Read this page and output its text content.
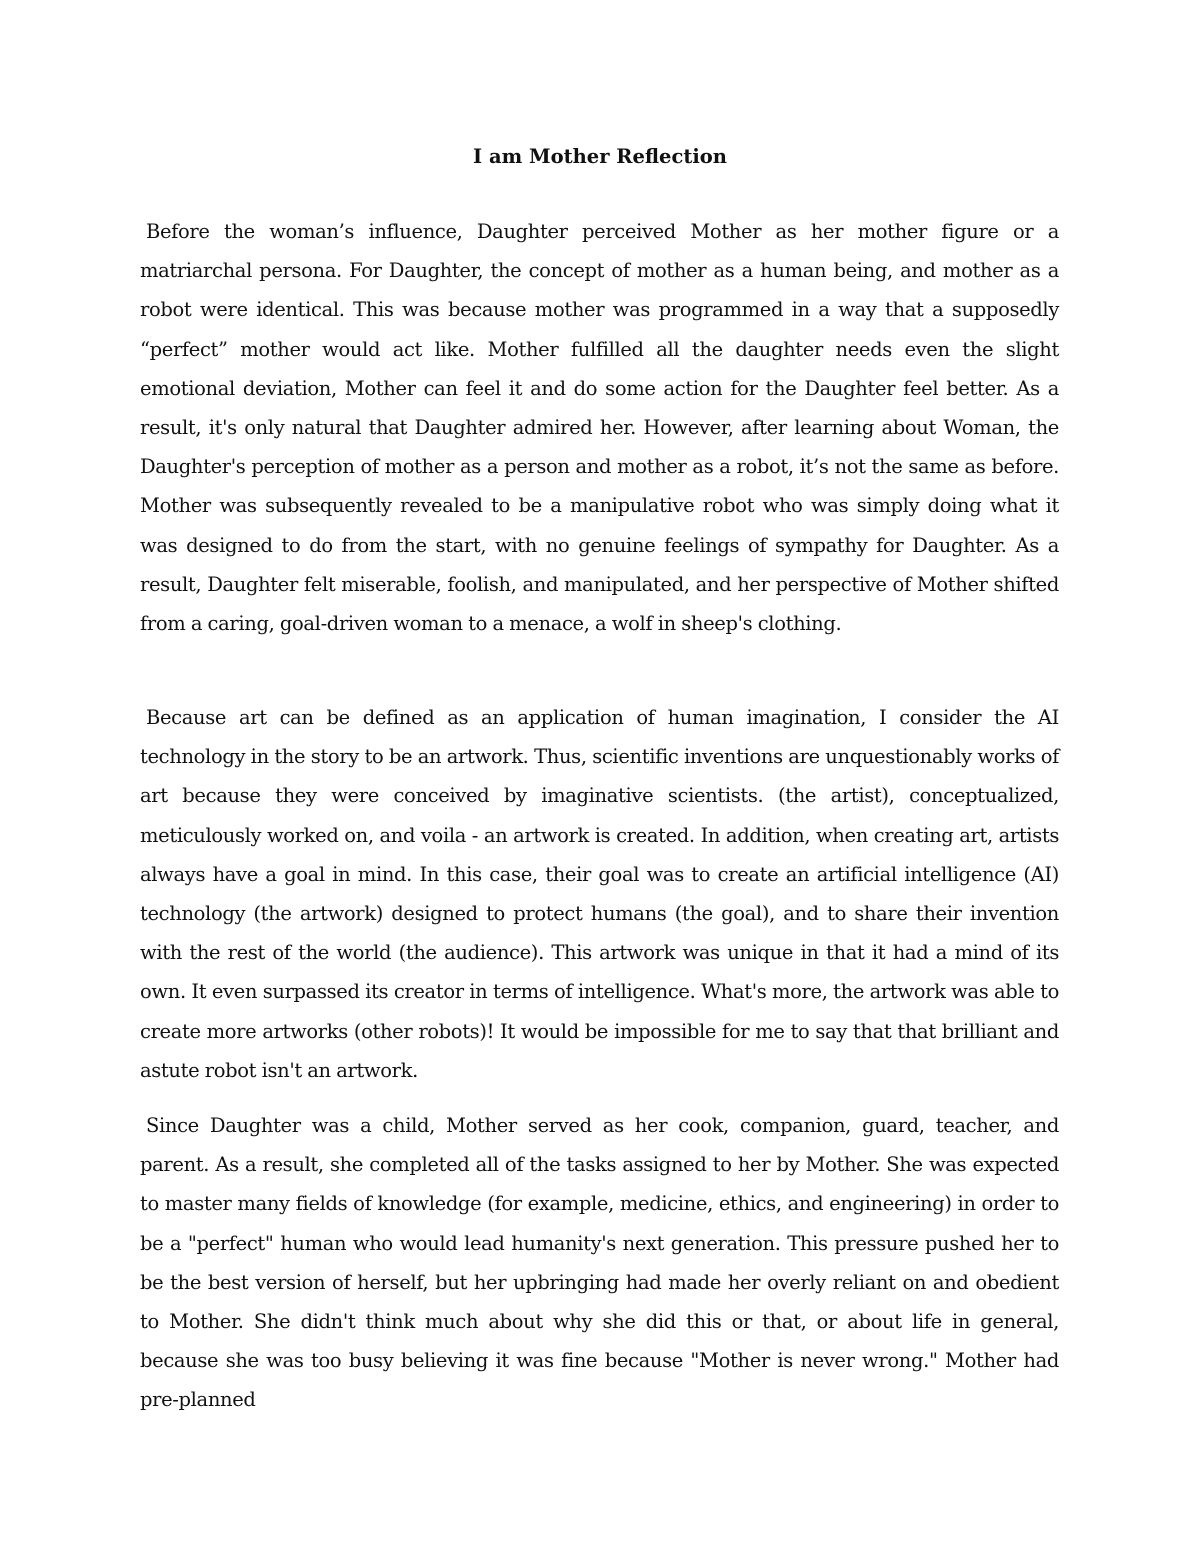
I am Mother Reflection

Before the woman’s influence, Daughter perceived Mother as her mother figure or a matriarchal persona. For Daughter, the concept of mother as a human being, and mother as a robot were identical. This was because mother was programmed in a way that a supposedly “perfect” mother would act like. Mother fulfilled all the daughter needs even the slight emotional deviation, Mother can feel it and do some action for the Daughter feel better. As a result, it's only natural that Daughter admired her. However, after learning about Woman, the Daughter's perception of mother as a person and mother as a robot, it’s not the same as before. Mother was subsequently revealed to be a manipulative robot who was simply doing what it was designed to do from the start, with no genuine feelings of sympathy for Daughter. As a result, Daughter felt miserable, foolish, and manipulated, and her perspective of Mother shifted from a caring, goal-driven woman to a menace, a wolf in sheep's clothing.

Because art can be defined as an application of human imagination, I consider the AI technology in the story to be an artwork. Thus, scientific inventions are unquestionably works of art because they were conceived by imaginative scientists. (the artist), conceptualized, meticulously worked on, and voila - an artwork is created. In addition, when creating art, artists always have a goal in mind. In this case, their goal was to create an artificial intelligence (AI) technology (the artwork) designed to protect humans (the goal), and to share their invention with the rest of the world (the audience). This artwork was unique in that it had a mind of its own. It even surpassed its creator in terms of intelligence. What's more, the artwork was able to create more artworks (other robots)! It would be impossible for me to say that that brilliant and astute robot isn't an artwork.

Since Daughter was a child, Mother served as her cook, companion, guard, teacher, and parent. As a result, she completed all of the tasks assigned to her by Mother. She was expected to master many fields of knowledge (for example, medicine, ethics, and engineering) in order to be a "perfect" human who would lead humanity's next generation. This pressure pushed her to be the best version of herself, but her upbringing had made her overly reliant on and obedient to Mother. She didn't think much about why she did this or that, or about life in general, because she was too busy believing it was fine because "Mother is never wrong." Mother had pre-planned
